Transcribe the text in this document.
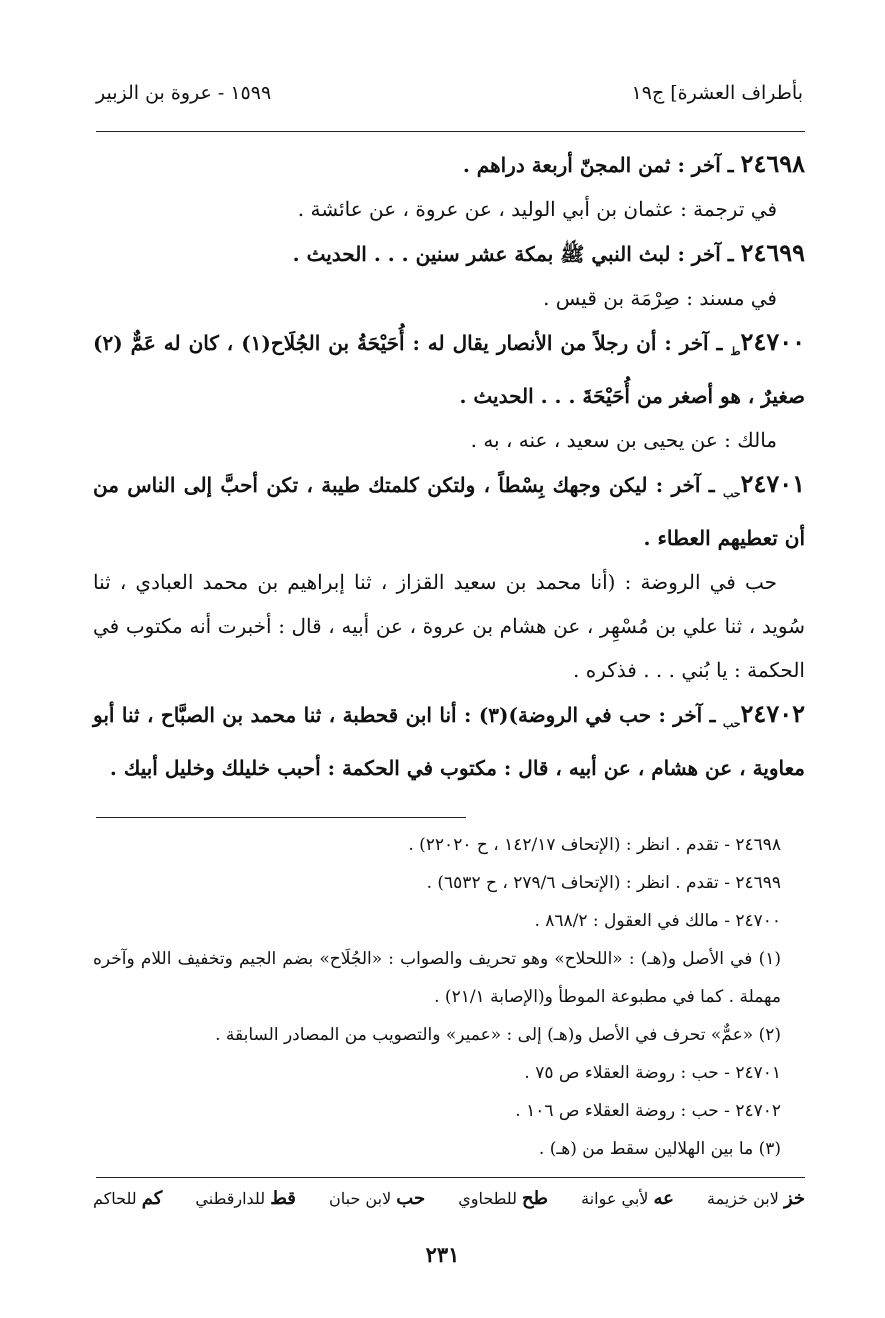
بأطراف العشرة] ج١٩
١٥٩٩ - عروة بن الزبير
٢٤٦٩٨ ـ آخر : ثمن المجنّ أربعة دراهم .
في ترجمة : عثمان بن أبي الوليد ، عن عروة ، عن عائشة .
٢٤٦٩٩ ـ آخر : لبث النبي ﷺ بمكة عشر سنين . . . الحديث .
في مسند : صِرْمَة بن قيس .
$٢٤٧٠٠_ط$ ـ آخر : أن رجلاً من الأنصار يقال له : أُحَيْحَةُ بن الجُلَاح(١) ، كان له عَمٌّ (٢) صغيرٌ ، هو أصغر من أُحَيْحَةَ . . . الحديث .
مالك : عن يحيى بن سعيد ، عنه ، به .
$٢٤٧٠١_{حب}$ ـ آخر : ليكن وجهك بِسْطاً ، ولتكن كلمتك طيبة ، تكن أحبَّ إلى الناس من أن تعطيهم العطاء .
حب في الروضة : (أنا محمد بن سعيد القزاز ، ثنا إبراهيم بن محمد العبادي ، ثنا سُويد ، ثنا علي بن مُسْهِر ، عن هشام بن عروة ، عن أبيه ، قال : أخبرت أنه مكتوب في الحكمة : يا بُني . . . فذكره .
$٢٤٧٠٢_{حب}$ ـ آخر : حب في الروضة)(٣) : أنا ابن قحطبة ، ثنا محمد بن الصبَّاح ، ثنا أبو معاوية ، عن هشام ، عن أبيه ، قال : مكتوب في الحكمة : أحبب خليلك وخليل أبيك .
٢٤٦٩٨ - تقدم . انظر : (الإتحاف ١٤٢/١٧ ، ح ٢٢٠٢٠) .
٢٤٦٩٩ - تقدم . انظر : (الإتحاف ٢٧٩/٦ ، ح ٦٥٣٢) .
٢٤٧٠٠ - مالك في العقول : ٨٦٨/٢ .
(١) في الأصل و(هـ) : «اللحلاح» وهو تحريف والصواب : «الجُلَاح» بضم الجيم وتخفيف اللام وآخره مهملة . كما في مطبوعة الموطأ و(الإصابة ٢١/١) .
(٢) «عمٌّ» تحرف في الأصل و(هـ) إلى : «عمير» والتصويب من المصادر السابقة .
٢٤٧٠١ - حب : روضة العقلاء ص ٧٥ .
٢٤٧٠٢ - حب : روضة العقلاء ص ١٠٦ .
(٣) ما بين الهلالين سقط من (هـ) .
خز لابن خزيمة
عه لأبي عوانة
طح للطحاوي
حب لابن حبان
قط للدارقطني
كم للحاكم
٢٣١
